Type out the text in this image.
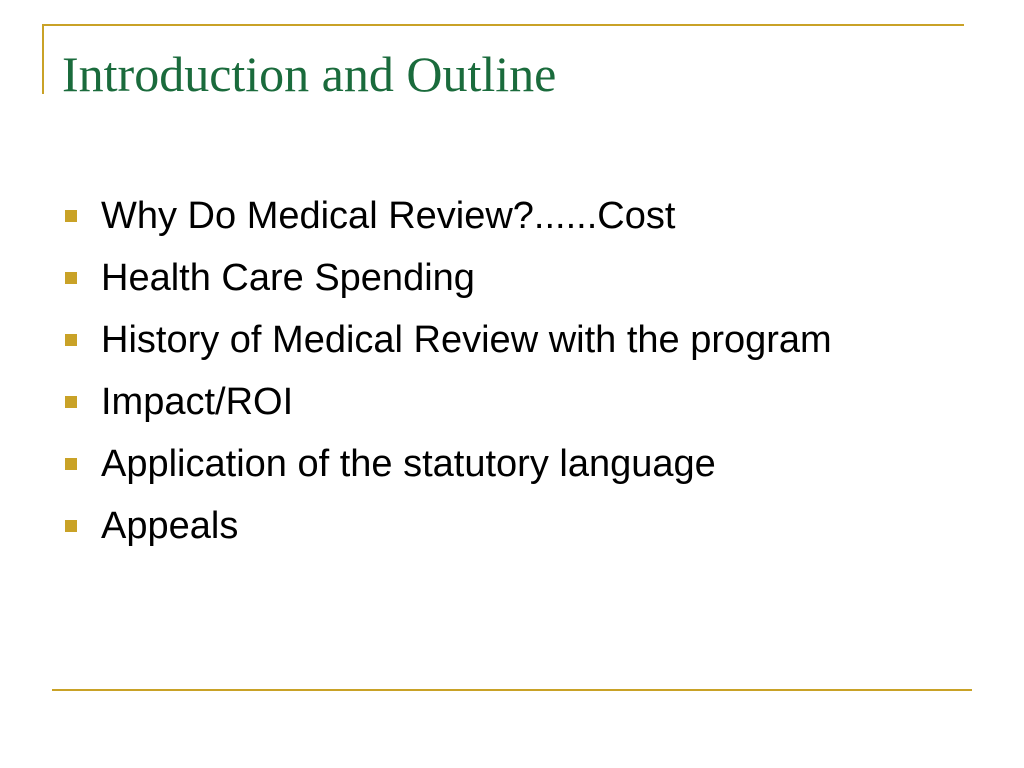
Introduction and Outline
Why Do Medical Review?......Cost
Health Care Spending
History of Medical Review with the program
Impact/ROI
Application of the statutory language
Appeals
